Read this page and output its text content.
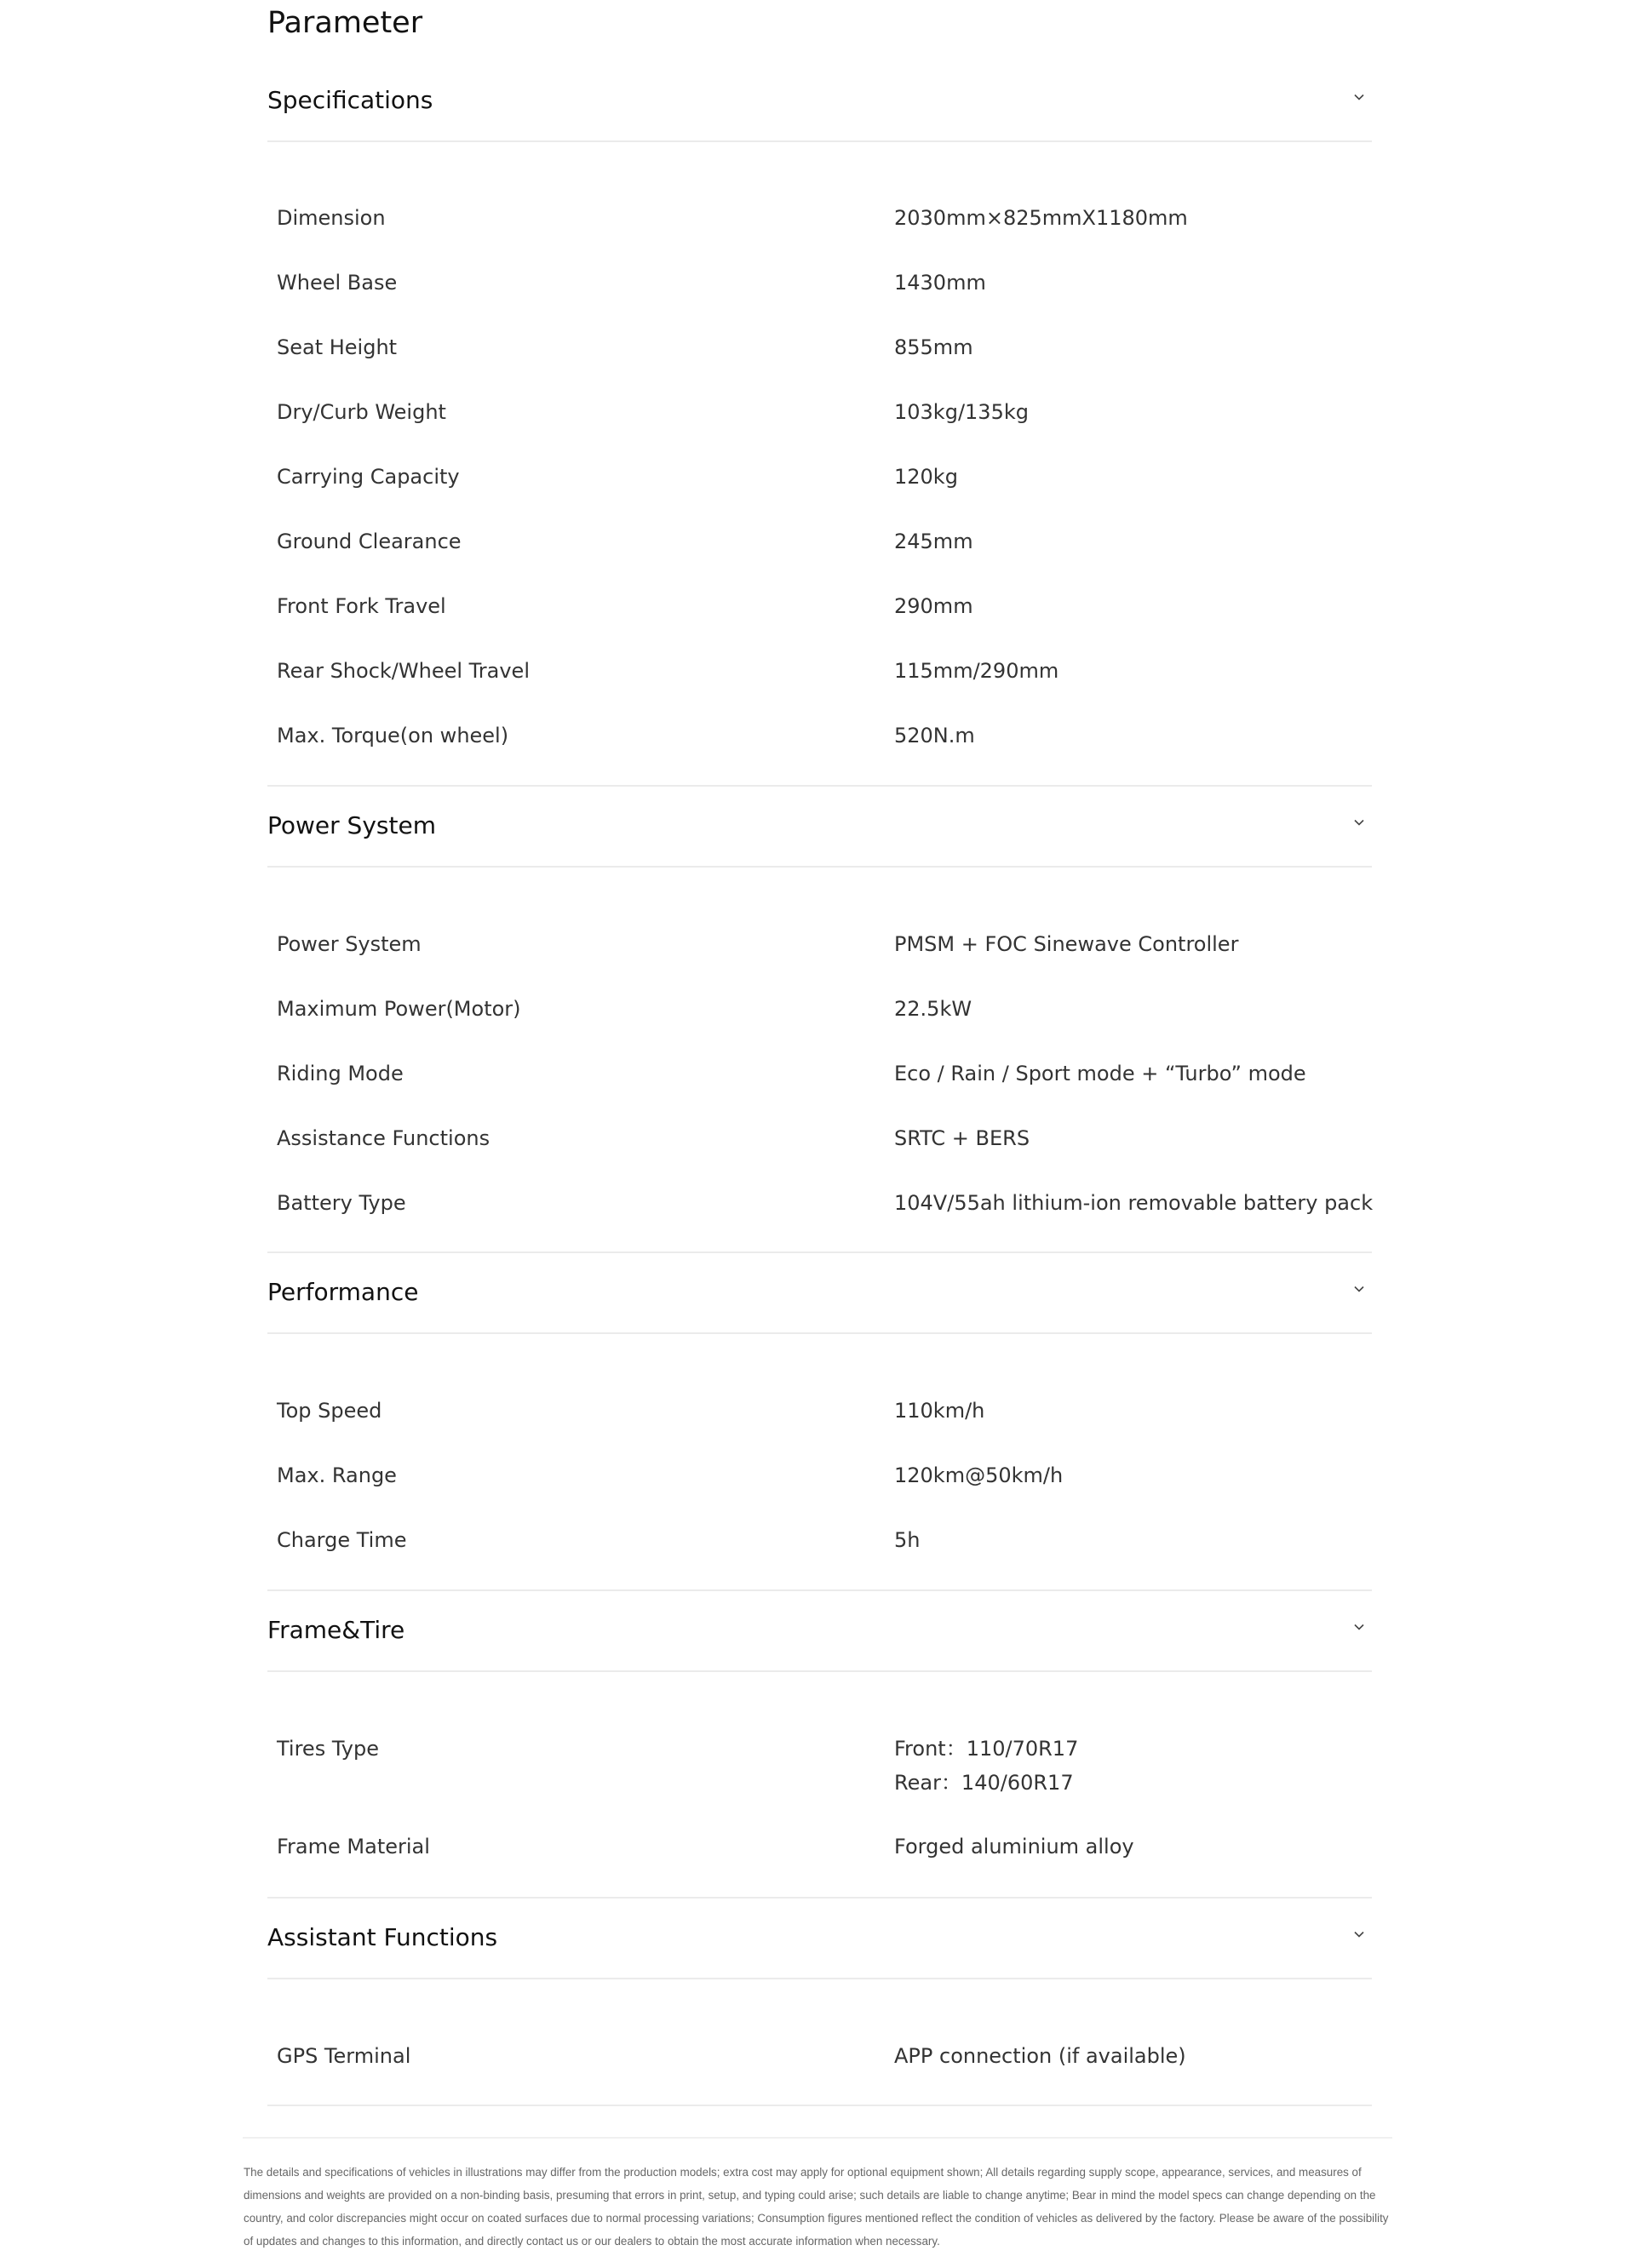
Parameter
Specifications
Dimension	2030mm×825mmX1180mm
Wheel Base	1430mm
Seat Height	855mm
Dry/Curb Weight	103kg/135kg
Carrying Capacity	120kg
Ground Clearance	245mm
Front Fork Travel	290mm
Rear Shock/Wheel Travel	115mm/290mm
Max. Torque(on wheel)	520N.m
Power System
Power System	PMSM + FOC Sinewave Controller
Maximum Power(Motor)	22.5kW
Riding Mode	Eco / Rain / Sport mode + “Turbo” mode
Assistance Functions	SRTC + BERS
Battery Type	104V/55ah lithium-ion removable battery pack
Performance
Top Speed	110km/h
Max. Range	120km@50km/h
Charge Time	5h
Frame&Tire
Tires Type	Front：110/70R17
Rear：140/60R17
Frame Material	Forged aluminium alloy
Assistant Functions
GPS Terminal	APP connection (if available)

The details and specifications of vehicles in illustrations may differ from the production models; extra cost may apply for optional equipment shown; All details regarding supply scope, appearance, services, and measures of dimensions and weights are provided on a non-binding basis, presuming that errors in print, setup, and typing could arise; such details are liable to change anytime; Bear in mind the model specs can change depending on the country, and color discrepancies might occur on coated surfaces due to normal processing variations; Consumption figures mentioned reflect the condition of vehicles as delivered by the factory. Please be aware of the possibility of updates and changes to this information, and directly contact us or our dealers to obtain the most accurate information when necessary.
